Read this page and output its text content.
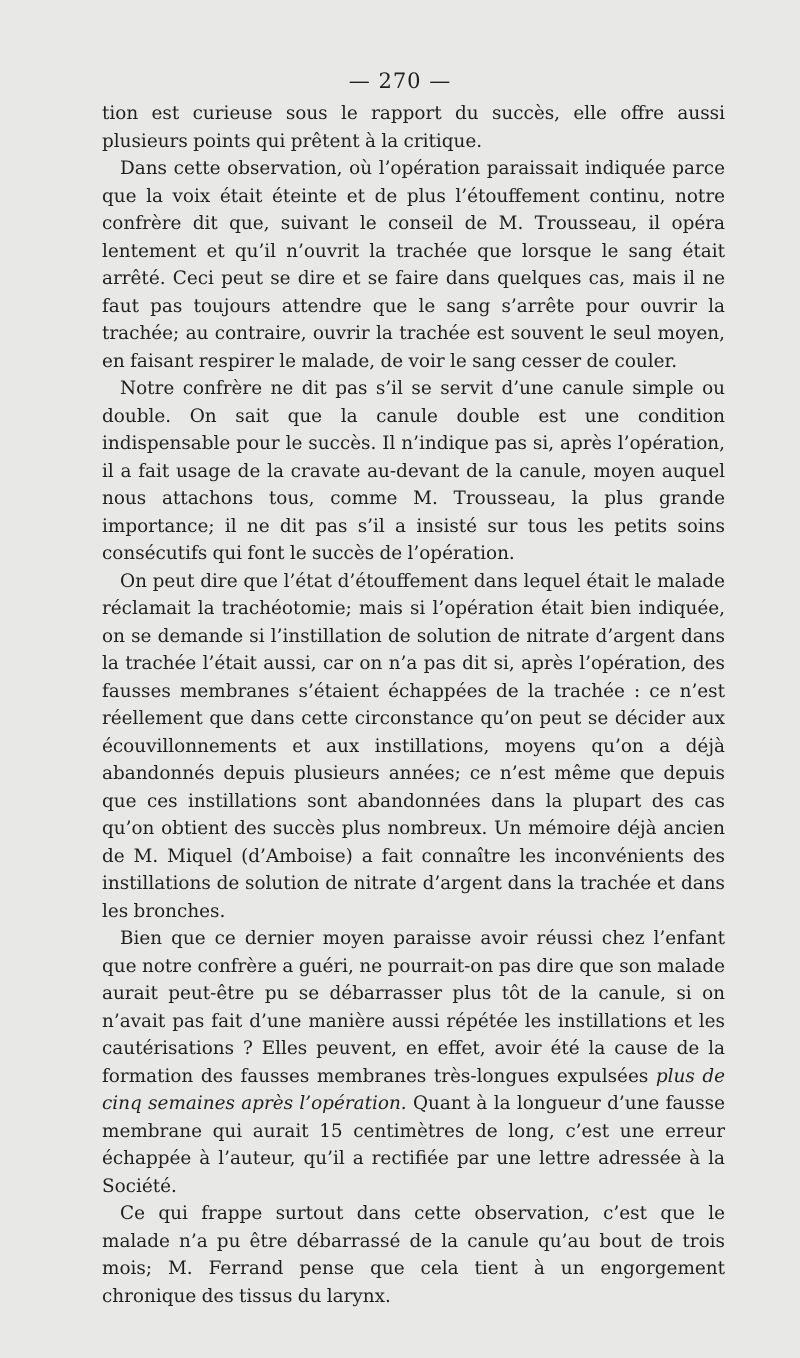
— 270 —

tion est curieuse sous le rapport du succès, elle offre aussi plusieurs points qui prêtent à la critique.

Dans cette observation, où l’opération paraissait indiquée parce que la voix était éteinte et de plus l’étouffement continu, notre confrère dit que, suivant le conseil de M. Trousseau, il opéra lentement et qu’il n’ouvrit la trachée que lorsque le sang était arrêté. Ceci peut se dire et se faire dans quelques cas, mais il ne faut pas toujours attendre que le sang s’arrête pour ouvrir la trachée; au contraire, ouvrir la trachée est souvent le seul moyen, en faisant respirer le malade, de voir le sang cesser de couler.

Notre confrère ne dit pas s’il se servit d’une canule simple ou double. On sait que la canule double est une condition indispensable pour le succès. Il n’indique pas si, après l’opération, il a fait usage de la cravate au-devant de la canule, moyen auquel nous attachons tous, comme M. Trousseau, la plus grande importance; il ne dit pas s’il a insisté sur tous les petits soins consécutifs qui font le succès de l’opération.

On peut dire que l’état d’étouffement dans lequel était le malade réclamait la trachéotomie; mais si l’opération était bien indiquée, on se demande si l’instillation de solution de nitrate d’argent dans la trachée l’était aussi, car on n’a pas dit si, après l’opération, des fausses membranes s’étaient échappées de la trachée : ce n’est réellement que dans cette circonstance qu’on peut se décider aux écouvillonnements et aux instillations, moyens qu’on a déjà abandonnés depuis plusieurs années; ce n’est même que depuis que ces instillations sont abandonnées dans la plupart des cas qu’on obtient des succès plus nombreux. Un mémoire déjà ancien de M. Miquel (d’Amboise) a fait connaître les inconvénients des instillations de solution de nitrate d’argent dans la trachée et dans les bronches.

Bien que ce dernier moyen paraisse avoir réussi chez l’enfant que notre confrère a guéri, ne pourrait-on pas dire que son malade aurait peut-être pu se débarrasser plus tôt de la canule, si on n’avait pas fait d’une manière aussi répétée les instillations et les cautérisations ? Elles peuvent, en effet, avoir été la cause de la formation des fausses membranes très-longues expulsées plus de cinq semaines après l’opération. Quant à la longueur d’une fausse membrane qui aurait 15 centimètres de long, c’est une erreur échappée à l’auteur, qu’il a rectifiée par une lettre adressée à la Société.

Ce qui frappe surtout dans cette observation, c’est que le malade n’a pu être débarrassé de la canule qu’au bout de trois mois; M. Ferrand pense que cela tient à un engorgement chronique des tissus du larynx.
